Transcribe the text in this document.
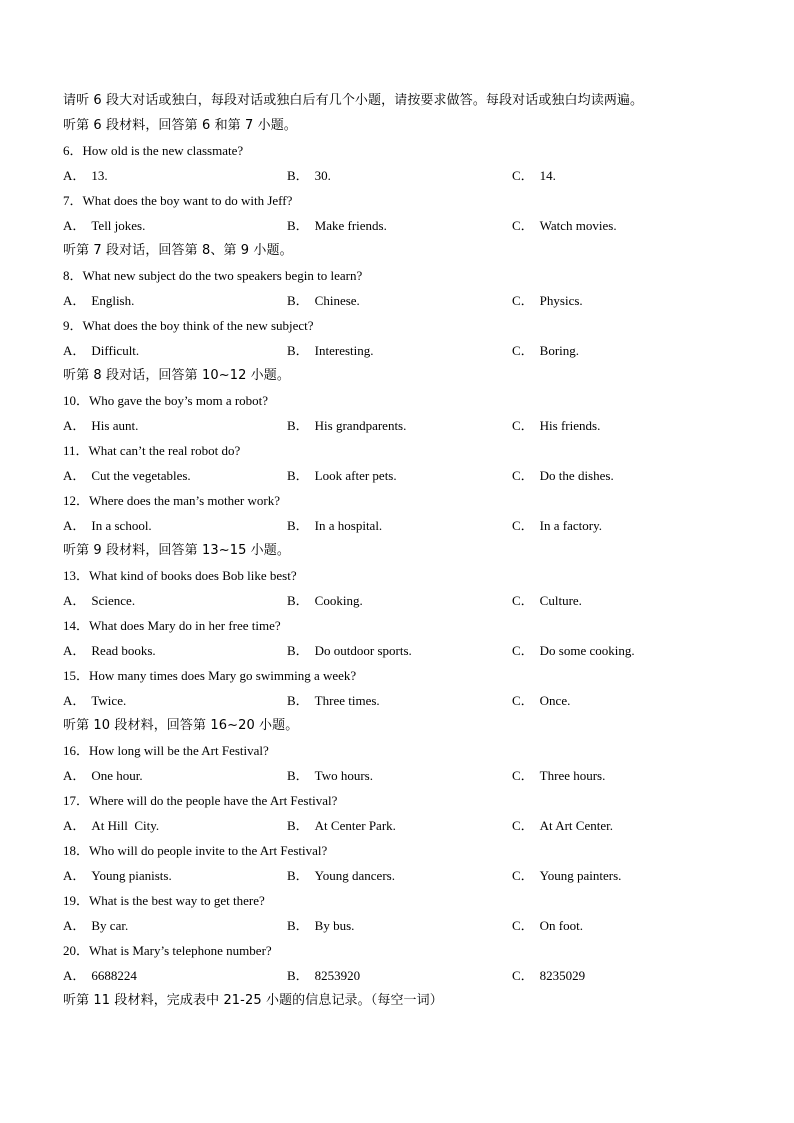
请听 6 段大对话或独白，每段对话或独白后有几个小题，请按要求做答。每段对话或独白均读两遍。
听第 6 段材料，回答第 6 和第 7 小题。
6．How old is the new classmate?
A． 13.	B． 30.	C． 14.
7．What does the boy want to do with Jeff?
A． Tell jokes.	B． Make friends.	C． Watch movies.
听第 7 段对话，回答第 8、第 9 小题。
8．What new subject do the two speakers begin to learn?
A． English.	B． Chinese.	C． Physics.
9．What does the boy think of the new subject?
A． Difficult.	B． Interesting.	C． Boring.
听第 8 段对话，回答第 10~12 小题。
10．Who gave the boy’s mom a robot?
A． His aunt.	B． His grandparents.	C． His friends.
11．What can’t the real robot do?
A． Cut the vegetables.	B． Look after pets.	C． Do the dishes.
12．Where does the man’s mother work?
A． In a school.	B． In a hospital.	C． In a factory.
听第 9 段材料，回答第 13~15 小题。
13．What kind of books does Bob like best?
A． Science.	B． Cooking.	C． Culture.
14．What does Mary do in her free time?
A． Read books.	B． Do outdoor sports.	C． Do some cooking.
15．How many times does Mary go swimming a week?
A． Twice.	B． Three times.	C． Once.
听第 10 段材料，回答第 16~20 小题。
16．How long will be the Art Festival?
A． One hour.	B． Two hours.	C． Three hours.
17．Where will do the people have the Art Festival?
A． At Hill  City.	B． At Center Park.	C． At Art Center.
18．Who will do people invite to the Art Festival?
A． Young pianists.	B． Young dancers.	C． Young painters.
19．What is the best way to get there?
A． By car.	B． By bus.	C． On foot.
20．What is Mary’s telephone number?
A． 6688224	B． 8253920	C． 8235029
听第 11 段材料，完成表中 21-25 小题的信息记录。（每空一词）
